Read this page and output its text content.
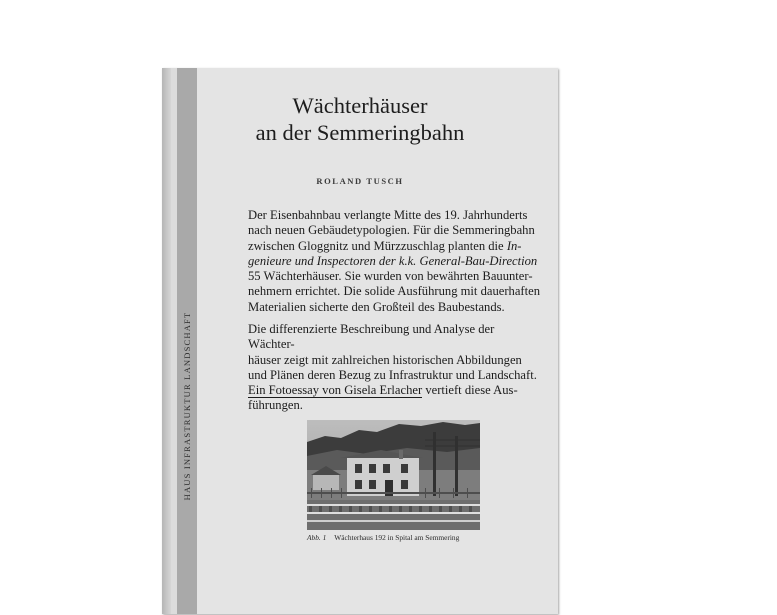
HAUS INFRASTRUKTUR LANDSCHAFT
Wächterhäuser
an der Semmeringbahn

ROLAND TUSCH

Der Eisenbahnbau verlangte Mitte des 19. Jahrhunderts
nach neuen Gebäudetypologien. Für die Semmeringbahn
zwischen Gloggnitz und Mürzzuschlag planten die In-
genieure und Inspectoren der k.k. General-Bau-Direction
55 Wächterhäuser. Sie wurden von bewährten Bauunter-
nehmern errichtet. Die solide Ausführung mit dauerhaften
Materialien sicherte den Großteil des Baubestands.

Die differenzierte Beschreibung und Analyse der Wächter-
häuser zeigt mit zahlreichen historischen Abbildungen
und Plänen deren Bezug zu Infrastruktur und Landschaft.
Ein Fotoessay von Gisela Erlacher vertieft diese Aus-
führungen.

Abb. 1 Wächterhaus 192 in Spital am Semmering
